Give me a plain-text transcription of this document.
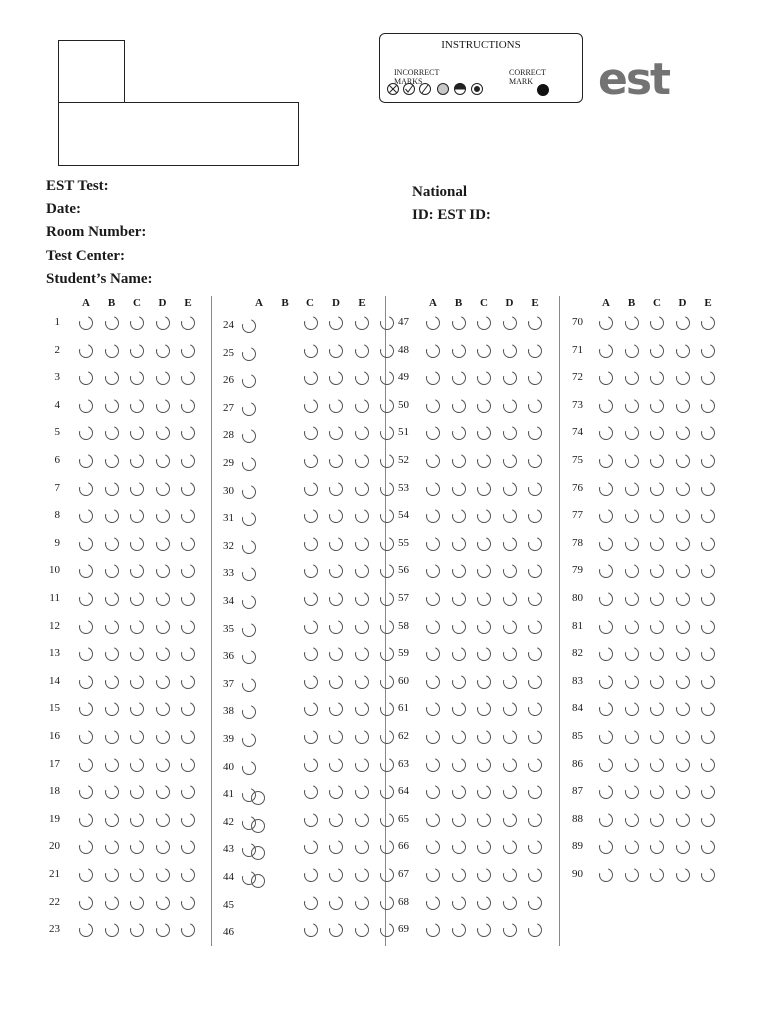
INSTRUCTIONS
INCORRECT MARKS
CORRECT MARK	est
EST Test:
Date:
Room Number:
Test Center:
Student’s Name:
National
ID: EST ID:
A	B	C D	E
1
2
3
4
5
6
7
8
9
10
11
12
13
14
15
16
17
18
19
20
21
22
23
A	B	C D	E
24
25
26
27
28
29
30
31
32
33
34
35
36
37
38
39
40
41
42
43
44
45
46
A	B	C D	E
47
48
49
50
51
52
53
54
55
56
57
58
59
60
61
62
63
64
65
66
67
68
69
A	B	C D	E
70
71
72
73
74
75
76
77
78
79
80
81
82
83
84
85
86
87
88
89
90
